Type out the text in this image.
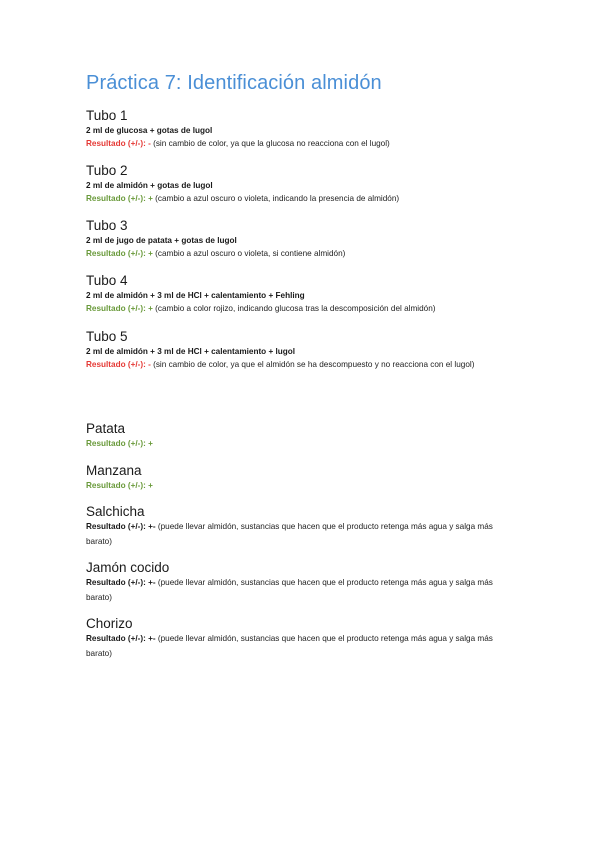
Práctica 7: Identificación almidón

Tubo 1

2 ml de glucosa + gotas de lugol

Resultado (+/-): - (sin cambio de color, ya que la glucosa no reacciona con el lugol)

Tubo 2

2 ml de almidón + gotas de lugol

Resultado (+/-): + (cambio a azul oscuro o violeta, indicando la presencia de almidón)

Tubo 3

2 ml de jugo de patata + gotas de lugol

Resultado (+/-): + (cambio a azul oscuro o violeta, si contiene almidón)

Tubo 4

2 ml de almidón + 3 ml de HCl + calentamiento + Fehling

Resultado (+/-): + (cambio a color rojizo, indicando glucosa tras la descomposición del almidón)

Tubo 5

2 ml de almidón + 3 ml de HCl + calentamiento + lugol

Resultado (+/-): - (sin cambio de color, ya que el almidón se ha descompuesto y no reacciona con el lugol)

Patata

Resultado (+/-): +

Manzana

Resultado (+/-): +

Salchicha

Resultado (+/-): +- (puede llevar almidón, sustancias que hacen que el producto retenga más agua y salga más barato)

Jamón cocido

Resultado (+/-): +- (puede llevar almidón, sustancias que hacen que el producto retenga más agua y salga más barato)

Chorizo

Resultado (+/-): +- (puede llevar almidón, sustancias que hacen que el producto retenga más agua y salga más barato)
